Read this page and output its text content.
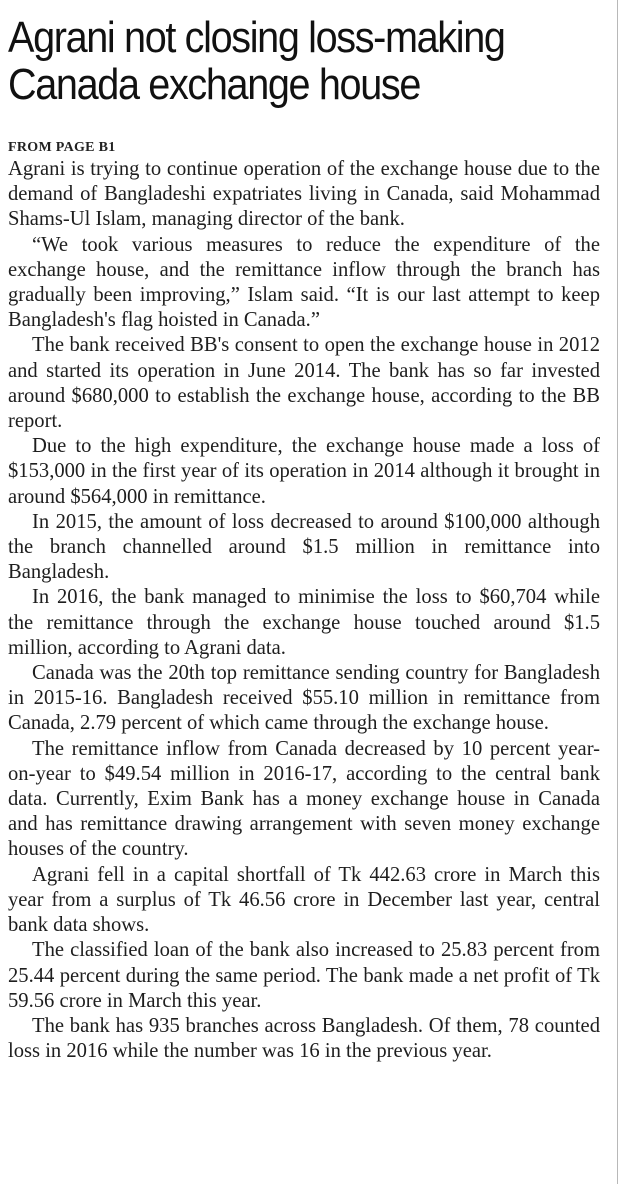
Agrani not closing loss-making
Canada exchange house
FROM PAGE B1

Agrani is trying to continue operation of the exchange house due to the demand of Bangladeshi expatriates living in Canada, said Mohammad Shams-Ul Islam, managing director of the bank.

“We took various measures to reduce the expenditure of the exchange house, and the remittance inflow through the branch has gradually been improving,” Islam said. “It is our last attempt to keep Bangladesh's flag hoisted in Canada.”

The bank received BB's consent to open the exchange house in 2012 and started its operation in June 2014. The bank has so far invested around $680,000 to establish the exchange house, according to the BB report.

Due to the high expenditure, the exchange house made a loss of $153,000 in the first year of its operation in 2014 although it brought in around $564,000 in remittance.

In 2015, the amount of loss decreased to around $100,000 although the branch channelled around $1.5 million in remittance into Bangladesh.

In 2016, the bank managed to minimise the loss to $60,704 while the remittance through the exchange house touched around $1.5 million, according to Agrani data.

Canada was the 20th top remittance sending country for Bangladesh in 2015-16. Bangladesh received $55.10 million in remittance from Canada, 2.79 percent of which came through the exchange house.

The remittance inflow from Canada decreased by 10 percent year-on-year to $49.54 million in 2016-17, according to the central bank data. Currently, Exim Bank has a money exchange house in Canada and has remittance drawing arrangement with seven money exchange houses of the country.

Agrani fell in a capital shortfall of Tk 442.63 crore in March this year from a surplus of Tk 46.56 crore in December last year, central bank data shows.

The classified loan of the bank also increased to 25.83 percent from 25.44 percent during the same period. The bank made a net profit of Tk 59.56 crore in March this year.

The bank has 935 branches across Bangladesh. Of them, 78 counted loss in 2016 while the number was 16 in the previous year.
